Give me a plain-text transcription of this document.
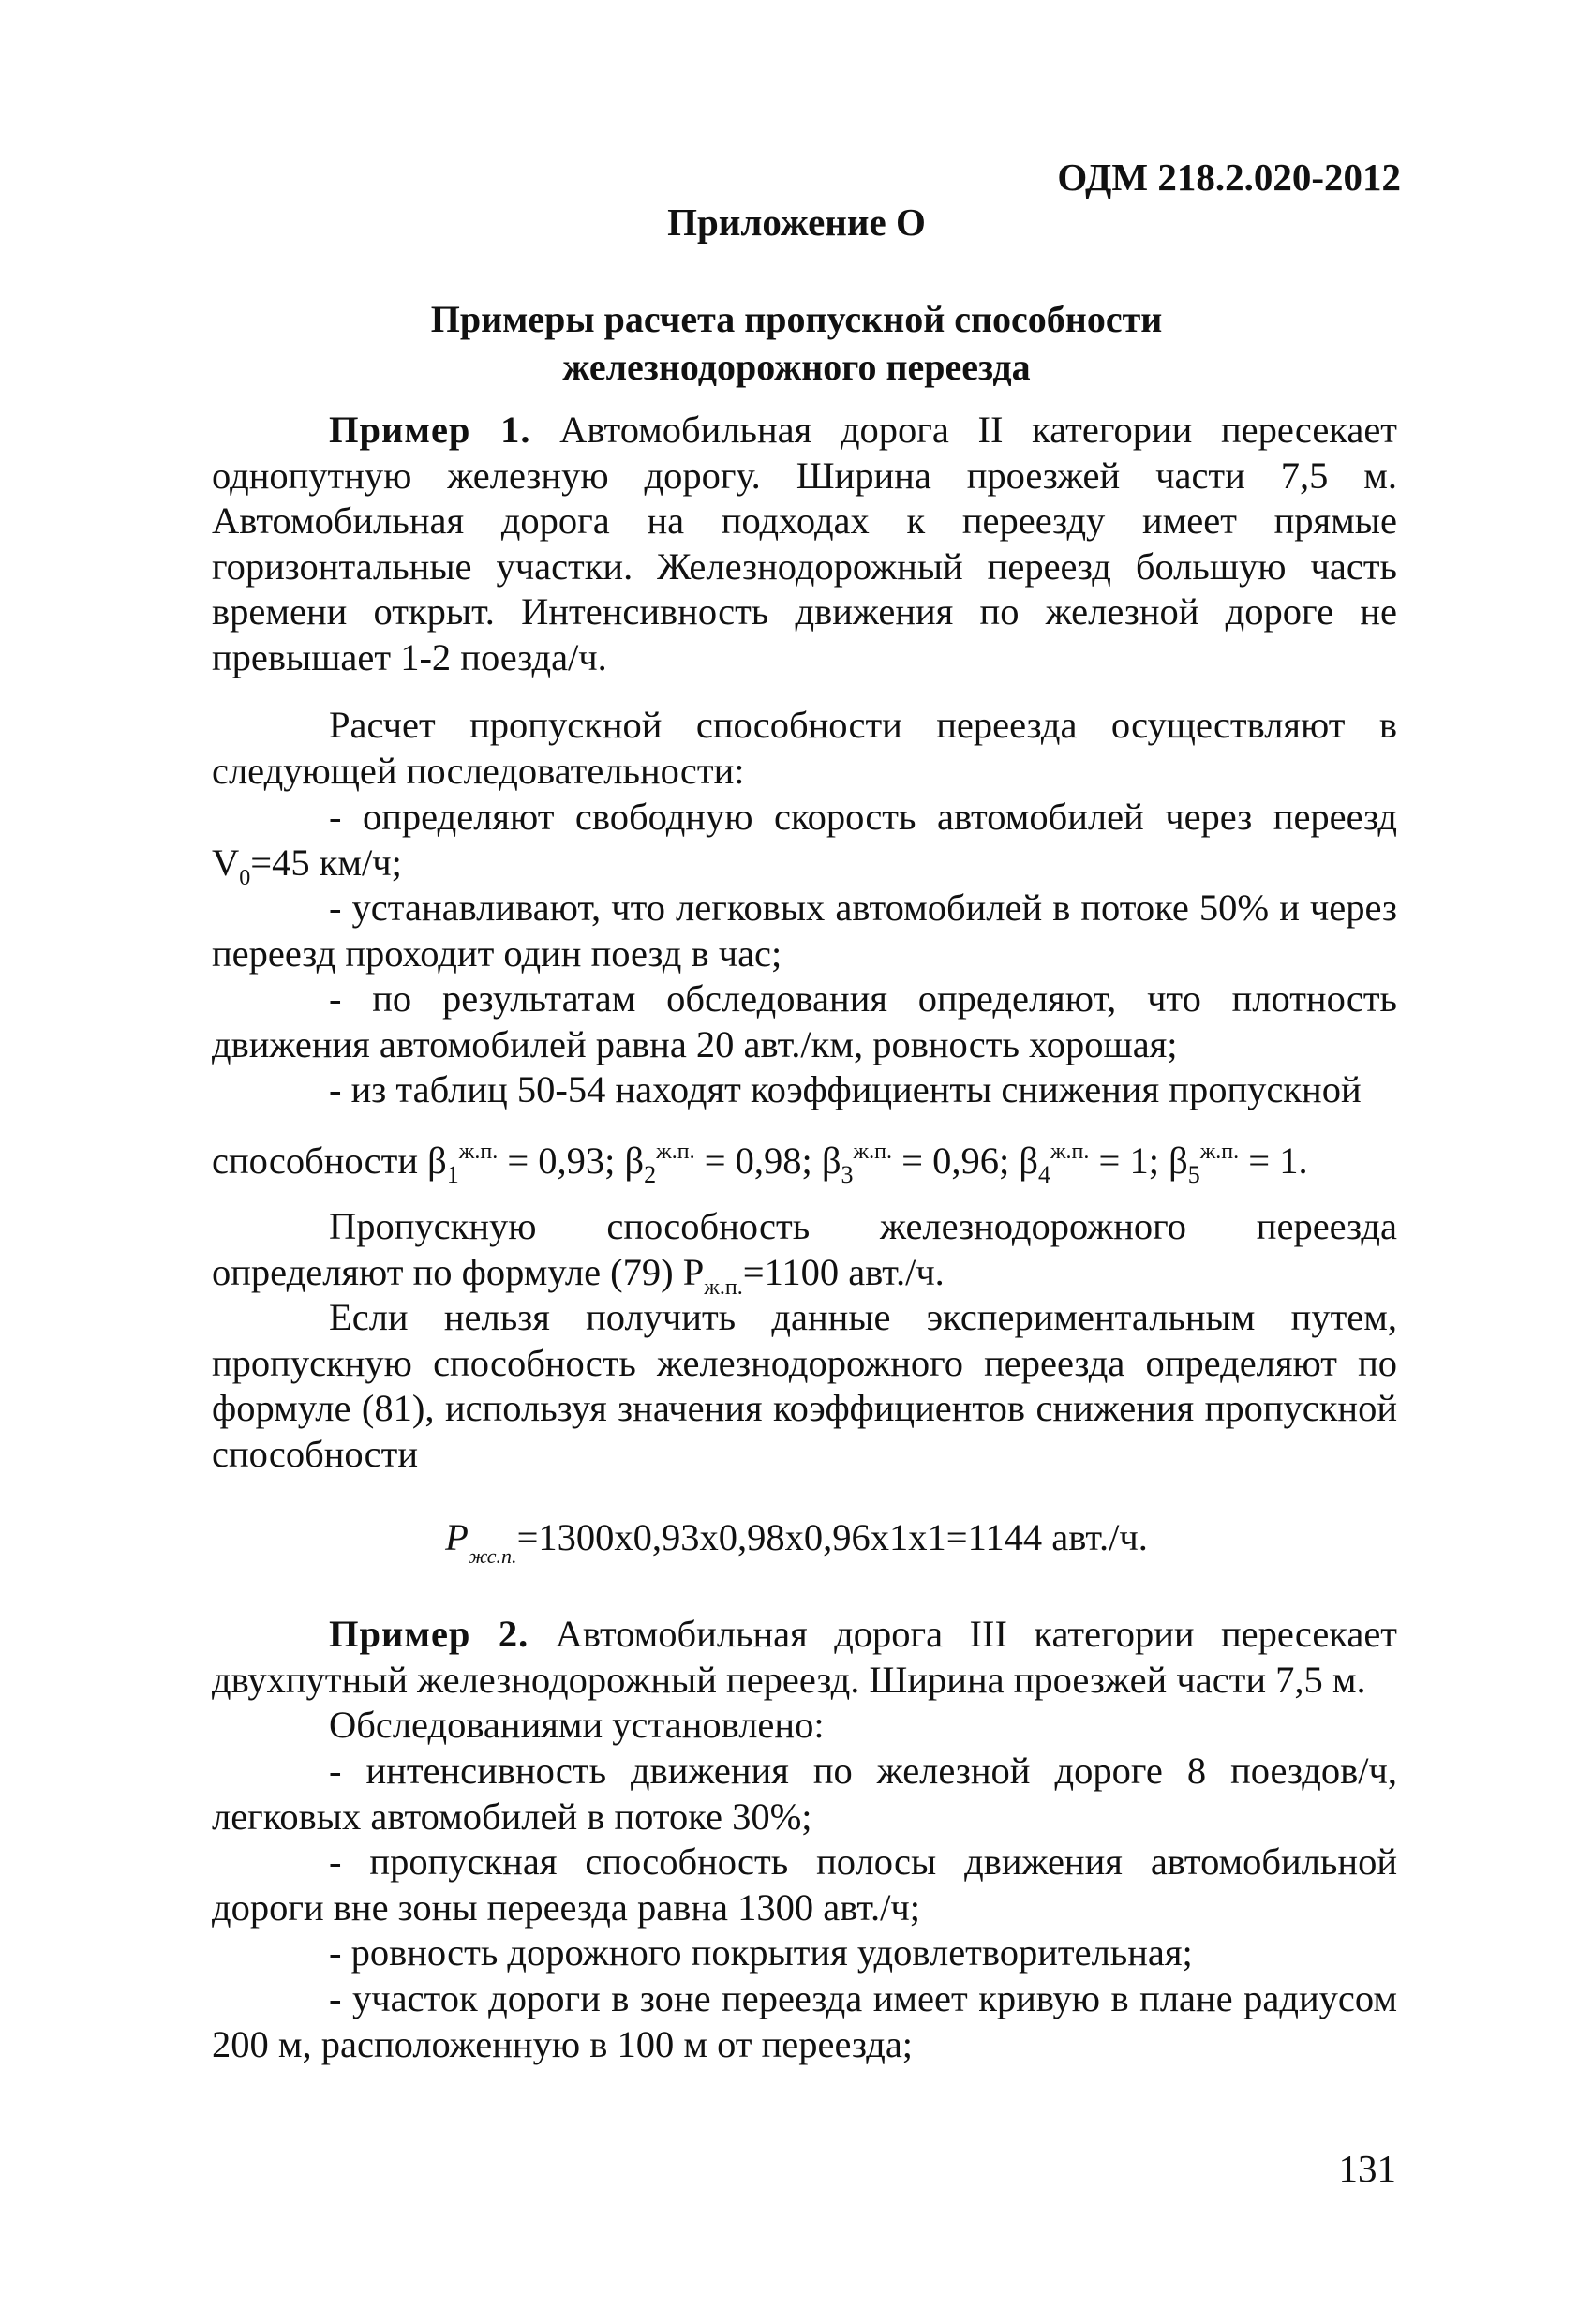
ОДМ 218.2.020-2012
Приложение О
Примеры расчета пропускной способности
железнодорожного переезда

Пример 1. Автомобильная дорога II категории пересекает однопутную железную дорогу. Ширина проезжей части 7,5 м. Автомобильная дорога на подходах к переезду имеет прямые горизонтальные участки. Железнодорожный переезд большую часть времени открыт. Интенсивность движения по железной дороге не превышает 1-2 поезда/ч.

Расчет пропускной способности переезда осуществляют в следующей последовательности:

- определяют свободную скорость автомобилей через переезд $V_0=45$ км/ч;

- устанавливают, что легковых автомобилей в потоке 50% и через переезд проходит один поезд в час;

- по результатам обследования определяют, что плотность движения автомобилей равна 20 авт./км, ровность хорошая;

- из таблиц 50-54 находят коэффициенты снижения пропускной

способности $\beta_1^{ж.п.} = 0,93$; $\beta_2^{ж.п.} = 0,98$; $\beta_3^{ж.п.} = 0,96$; $\beta_4^{ж.п.} = 1$; $\beta_5^{ж.п.} = 1$.

Пропускную способность железнодорожного переезда определяют по формуле (79) $P_{ж.п.}=1100$ авт./ч.

Если нельзя получить данные экспериментальным путем, пропускную способность железнодорожного переезда определяют по формуле (81), используя значения коэффициентов снижения пропускной способности

$P_{жс.п.}=1300х0,93х0,98х0,96х1х1=1144$ авт./ч.

Пример 2. Автомобильная дорога III категории пересекает двухпутный железнодорожный переезд. Ширина проезжей части 7,5 м.

Обследованиями установлено:

- интенсивность движения по железной дороге 8 поездов/ч, легковых автомобилей в потоке 30%;

- пропускная способность полосы движения автомобильной дороги вне зоны переезда равна 1300 авт./ч;

- ровность дорожного покрытия удовлетворительная;

- участок дороги в зоне переезда имеет кривую в плане радиусом 200 м, расположенную в 100 м от переезда;

131
